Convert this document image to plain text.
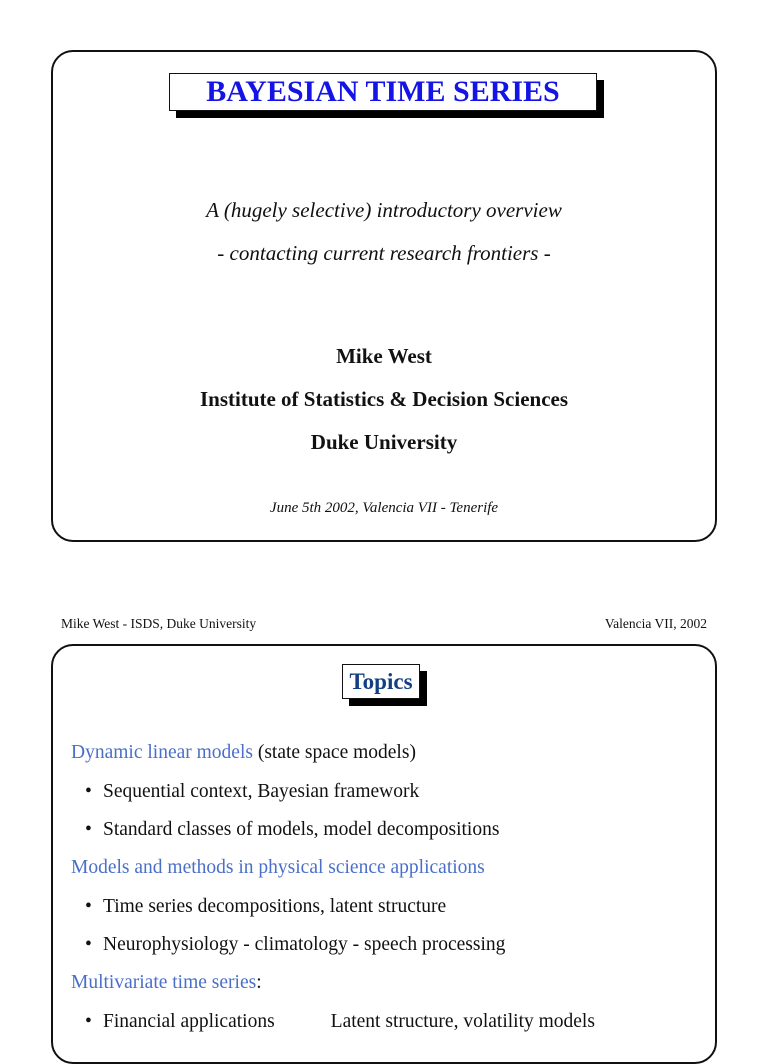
BAYESIAN TIME SERIES
A (hugely selective) introductory overview
- contacting current research frontiers -
Mike West
Institute of Statistics & Decision Sciences
Duke University
June 5th 2002, Valencia VII - Tenerife
Mike West - ISDS, Duke University	Valencia VII, 2002
Topics
Dynamic linear models (state space models)
• Sequential context, Bayesian framework
• Standard classes of models, model decompositions
Models and methods in physical science applications
• Time series decompositions, latent structure
• Neurophysiology - climatology - speech processing
Multivariate time series:
• Financial applications	Latent structure, volatility models
